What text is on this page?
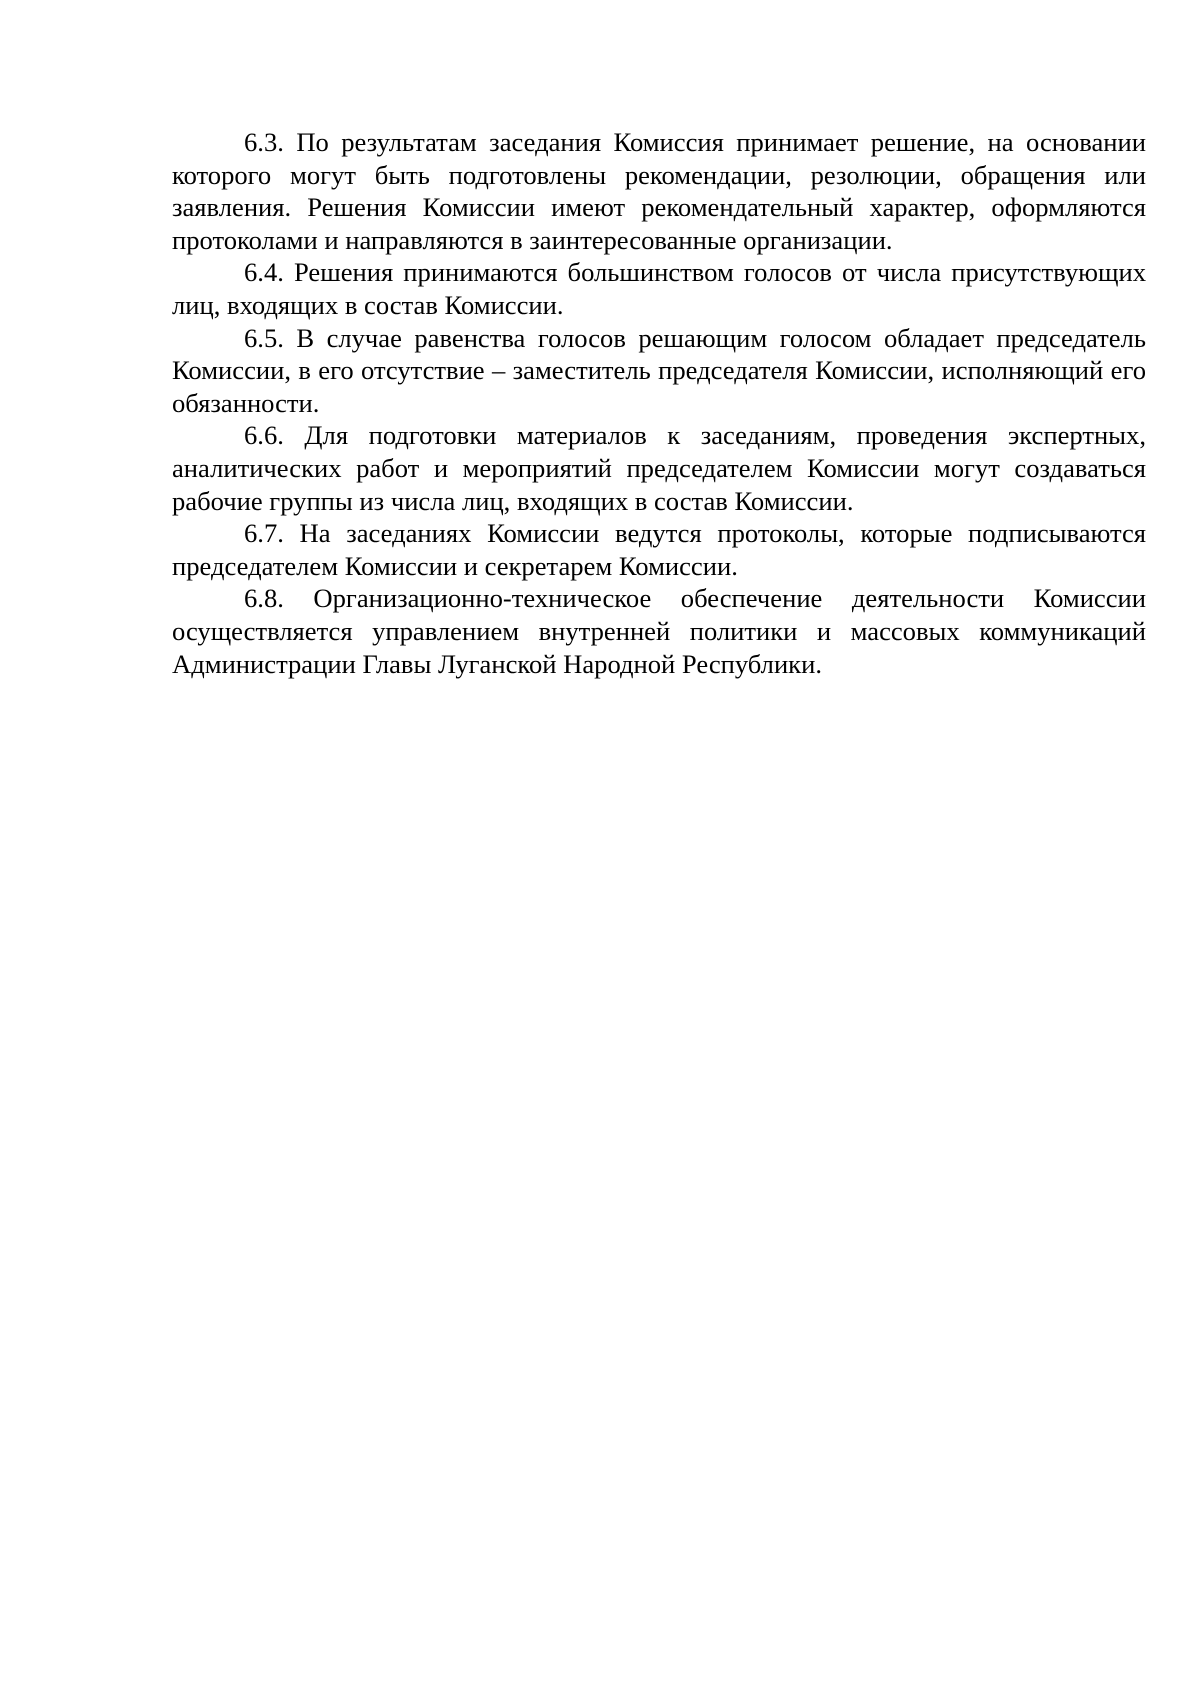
6.3. По результатам заседания Комиссия принимает решение, на основании которого могут быть подготовлены рекомендации, резолюции, обращения или заявления. Решения Комиссии имеют рекомендательный характер, оформляются протоколами и направляются в заинтересованные организации.

6.4. Решения принимаются большинством голосов от числа присутствующих лиц, входящих в состав Комиссии.

6.5. В случае равенства голосов решающим голосом обладает председатель Комиссии, в его отсутствие – заместитель председателя Комиссии, исполняющий его обязанности.

6.6. Для подготовки материалов к заседаниям, проведения экспертных, аналитических работ и мероприятий председателем Комиссии могут создаваться рабочие группы из числа лиц, входящих в состав Комиссии.

6.7. На заседаниях Комиссии ведутся протоколы, которые подписываются председателем Комиссии и секретарем Комиссии.

6.8. Организационно-техническое обеспечение деятельности Комиссии осуществляется управлением внутренней политики и массовых коммуникаций Администрации Главы Луганской Народной Республики.
